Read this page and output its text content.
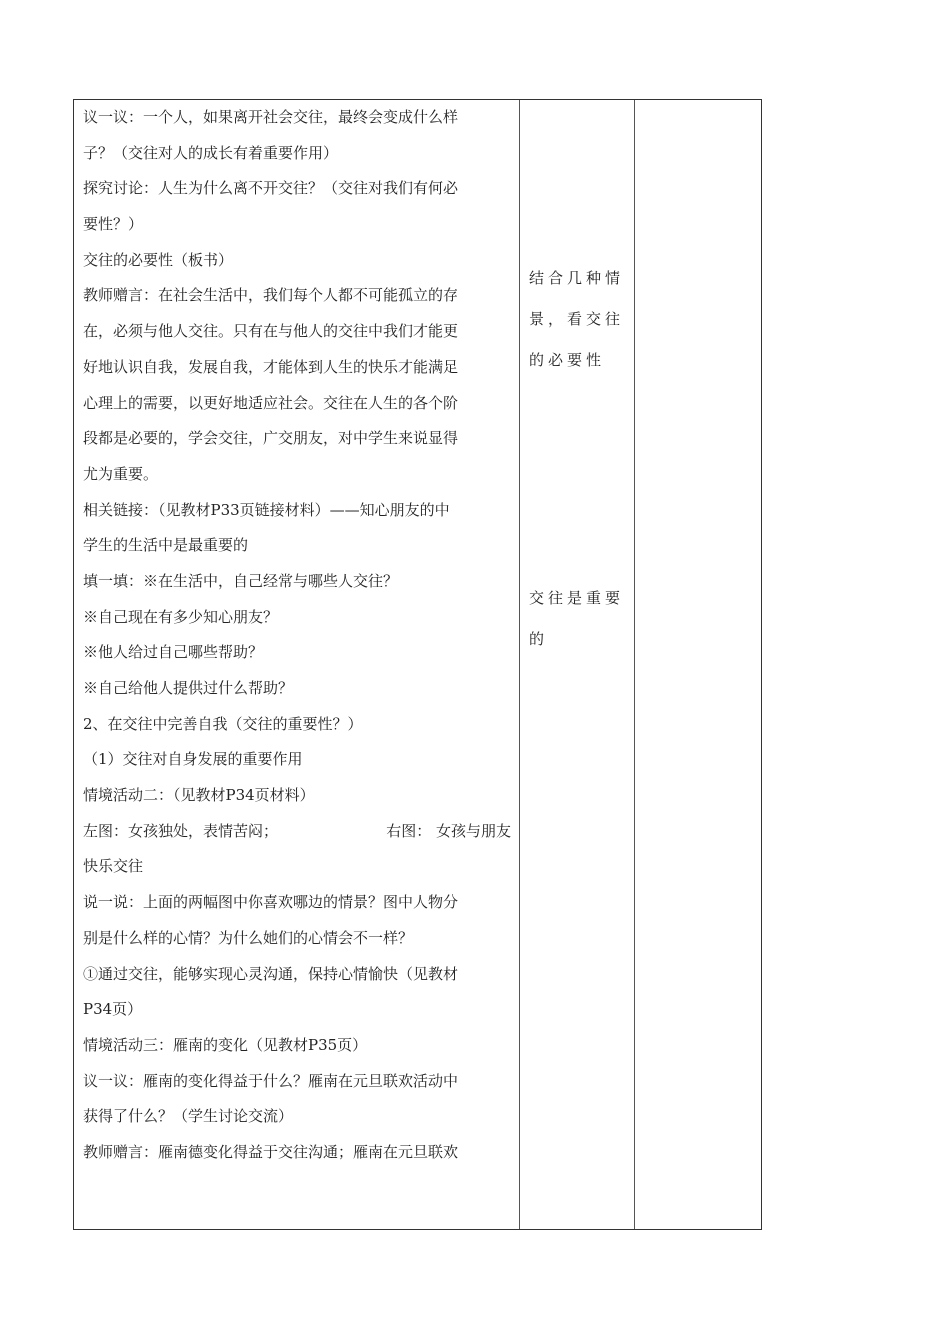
议一议：一个人，如果离开社会交往，最终会变成什么样
子？（交往对人的成长有着重要作用）
探究讨论：人生为什么离不开交往？（交往对我们有何必
要性？）
交往的必要性（板书）
教师赠言：在社会生活中，我们每个人都不可能孤立的存
在，必须与他人交往。只有在与他人的交往中我们才能更
好地认识自我，发展自我，才能体到人生的快乐才能满足
心理上的需要，以更好地适应社会。交往在人生的各个阶
段都是必要的，学会交往，广交朋友，对中学生来说显得
尤为重要。
相关链接：（见教材P33页链接材料）——知心朋友的中
学生的生活中是最重要的
填一填：※在生活中，自己经常与哪些人交往？
※自己现在有多少知心朋友？
※他人给过自己哪些帮助？
※自己给他人提供过什么帮助？
2、在交往中完善自我（交往的重要性？）
（1）交往对自身发展的重要作用
情境活动二：（见教材P34页材料）
左图：女孩独处，表情苦闷；	右图： 女孩与朋友
快乐交往
说一说：上面的两幅图中你喜欢哪边的情景？图中人物分
别是什么样的心情？为什么她们的心情会不一样？
①通过交往，能够实现心灵沟通，保持心情愉快（见教材
P34页）
情境活动三：雁南的变化（见教材P35页）
议一议：雁南的变化得益于什么？雁南在元旦联欢活动中
获得了什么？（学生讨论交流）
教师赠言：雁南德变化得益于交往沟通；雁南在元旦联欢
结合几种情
景，看交往
的必要性
交往是重要
的
